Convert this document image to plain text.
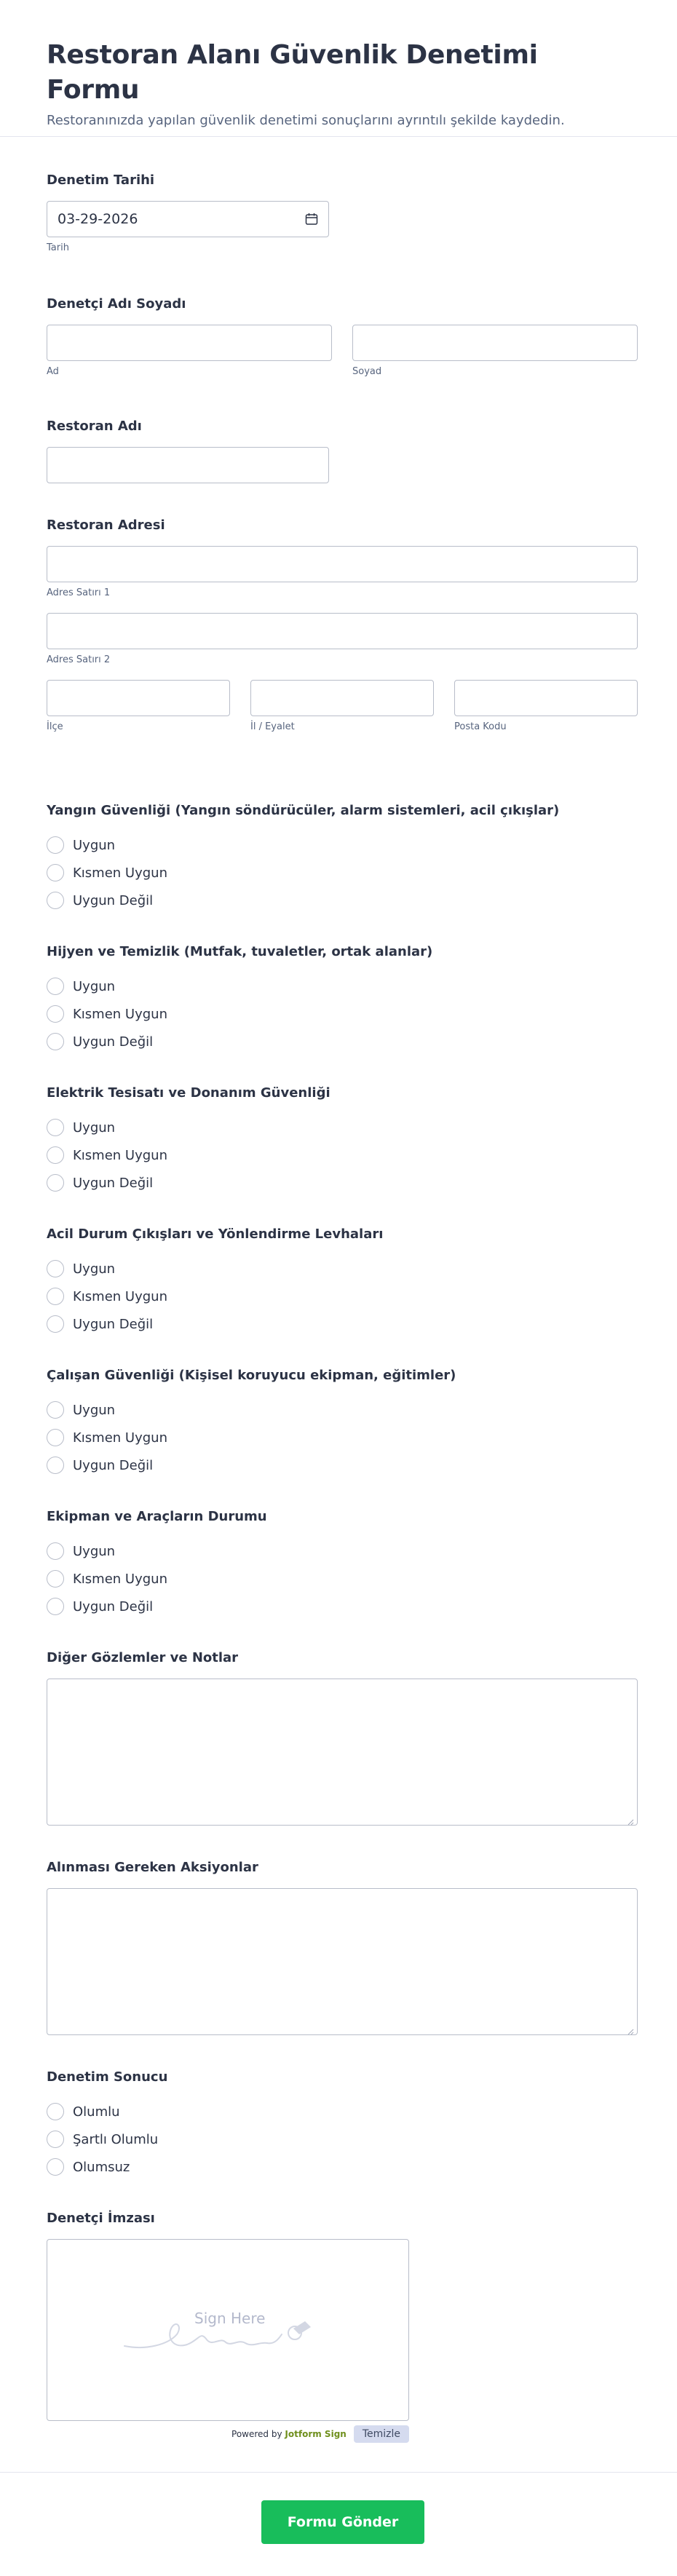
Restoran Alanı Güvenlik Denetimi Formu

Restoranınızda yapılan güvenlik denetimi sonuçlarını ayrıntılı şekilde kaydedin.

Denetim Tarihi
03-29-2026
Tarih
Denetçi Adı Soyadı
Ad	Soyad
Restoran Adı
Restoran Adresi
Adres Satırı 1
Adres Satırı 2
İlçe	İl / Eyalet	Posta Kodu
Yangın Güvenliği (Yangın söndürücüler, alarm sistemleri, acil çıkışlar)
Uygun
Kısmen Uygun
Uygun Değil
Hijyen ve Temizlik (Mutfak, tuvaletler, ortak alanlar)
Uygun
Kısmen Uygun
Uygun Değil
Elektrik Tesisatı ve Donanım Güvenliği
Uygun
Kısmen Uygun
Uygun Değil
Acil Durum Çıkışları ve Yönlendirme Levhaları
Uygun
Kısmen Uygun
Uygun Değil
Çalışan Güvenliği (Kişisel koruyucu ekipman, eğitimler)
Uygun
Kısmen Uygun
Uygun Değil
Ekipman ve Araçların Durumu
Uygun
Kısmen Uygun
Uygun Değil
Diğer Gözlemler ve Notlar
Alınması Gereken Aksiyonlar
Denetim Sonucu
Olumlu
Şartlı Olumlu
Olumsuz
Denetçi İmzası
Sign Here
Powered by Jotform Sign	Temizle
Formu Gönder
